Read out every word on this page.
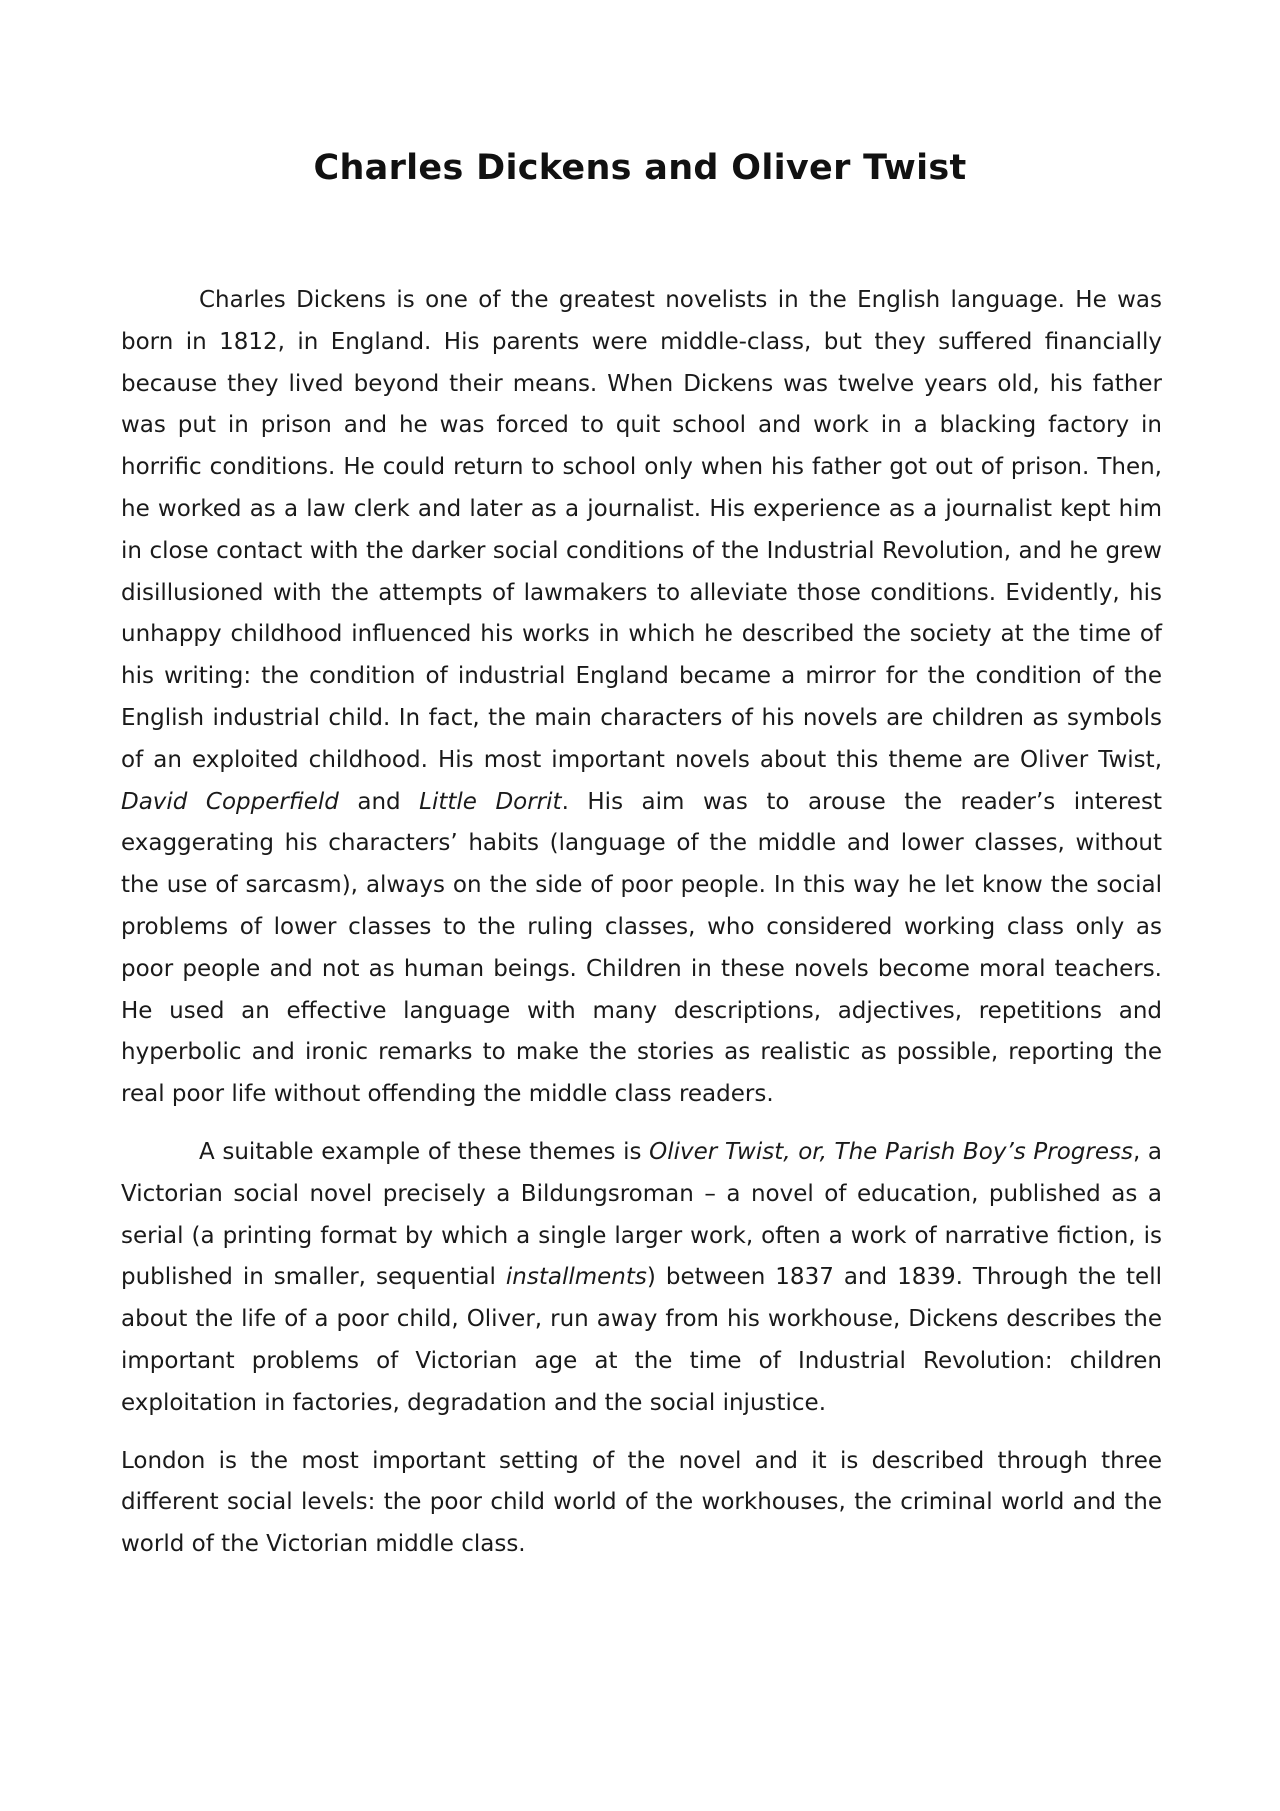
Charles Dickens and Oliver Twist

Charles Dickens is one of the greatest novelists in the English language. He was born in 1812, in England. His parents were middle-class, but they suffered financially because they lived beyond their means. When Dickens was twelve years old, his father was put in prison and he was forced to quit school and work in a blacking factory in horrific conditions. He could return to school only when his father got out of prison. Then, he worked as a law clerk and later as a journalist. His experience as a journalist kept him in close contact with the darker social conditions of the Industrial Revolution, and he grew disillusioned with the attempts of lawmakers to alleviate those conditions. Evidently, his unhappy childhood influenced his works in which he described the society at the time of his writing: the condition of industrial England became a mirror for the condition of the English industrial child. In fact, the main characters of his novels are children as symbols of an exploited childhood. His most important novels about this theme are Oliver Twist, David Copperfield and Little Dorrit. His aim was to arouse the reader’s interest exaggerating his characters’ habits (language of the middle and lower classes, without the use of sarcasm), always on the side of poor people. In this way he let know the social problems of lower classes to the ruling classes, who considered working class only as poor people and not as human beings. Children in these novels become moral teachers. He used an effective language with many descriptions, adjectives, repetitions and hyperbolic and ironic remarks to make the stories as realistic as possible, reporting the real poor life without offending the middle class readers.

A suitable example of these themes is Oliver Twist, or, The Parish Boy’s Progress, a Victorian social novel precisely a Bildungsroman – a novel of education, published as a serial (a printing format by which a single larger work, often a work of narrative fiction, is published in smaller, sequential installments) between 1837 and 1839. Through the tell about the life of a poor child, Oliver, run away from his workhouse, Dickens describes the important problems of Victorian age at the time of Industrial Revolution: children exploitation in factories, degradation and the social injustice.

London is the most important setting of the novel and it is described through three different social levels: the poor child world of the workhouses, the criminal world and the world of the Victorian middle class.
